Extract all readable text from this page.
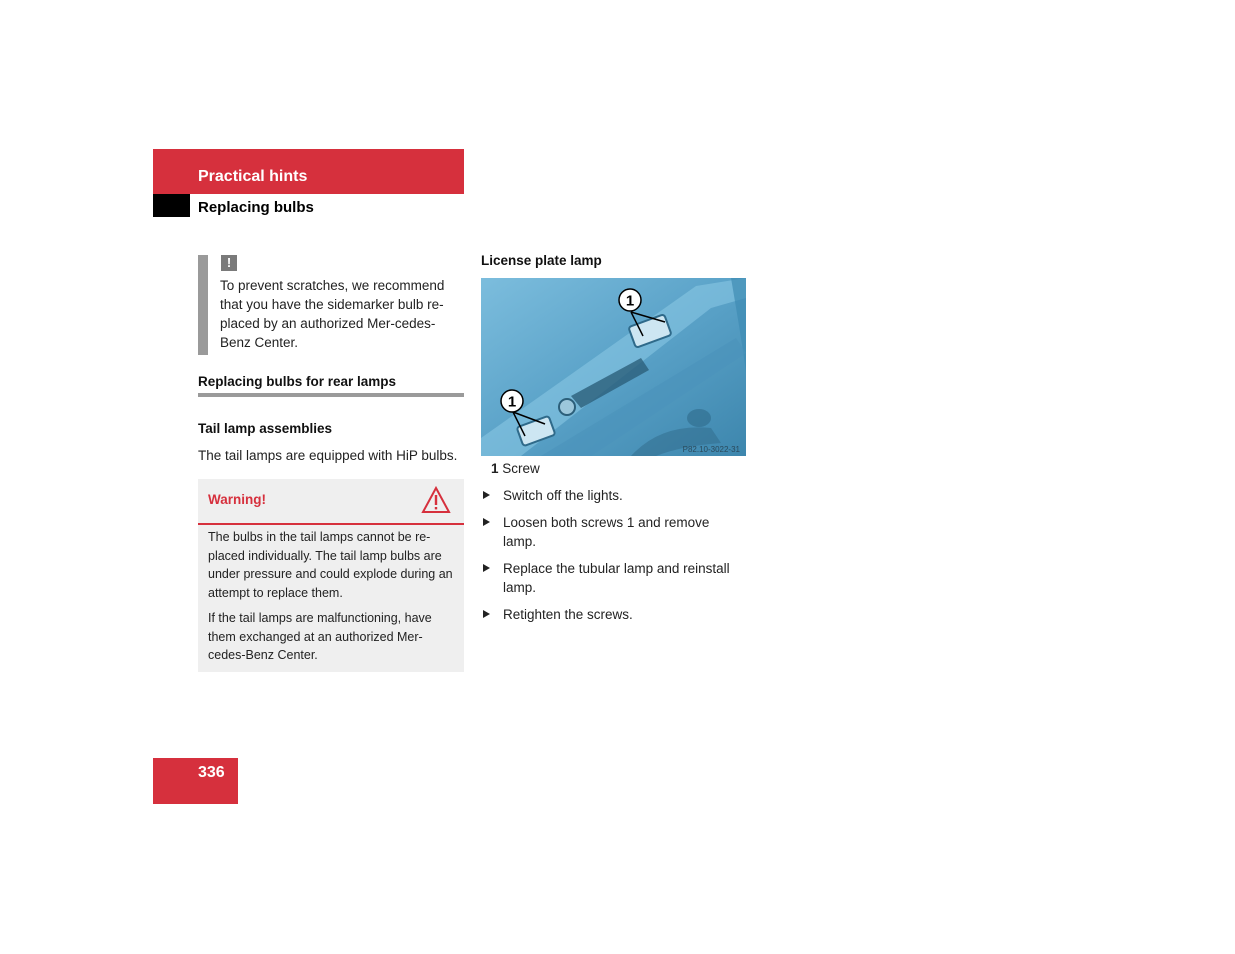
Practical hints
Replacing bulbs
!
To prevent scratches, we recommend that you have the sidemarker bulb re-placed by an authorized Mer-cedes-Benz Center.
Replacing bulbs for rear lamps
Tail lamp assemblies
The tail lamps are equipped with HiP bulbs.
Warning!

The bulbs in the tail lamps cannot be re-placed individually. The tail lamp bulbs are under pressure and could explode during an attempt to replace them.

If the tail lamps are malfunctioning, have them exchanged at an authorized Mer-cedes-Benz Center.

License plate lamp
1
1
P82.10-3022-31
1 Screw
Switch off the lights.
Loosen both screws 1 and remove lamp.
Replace the tubular lamp and reinstall lamp.
Retighten the screws.
336
